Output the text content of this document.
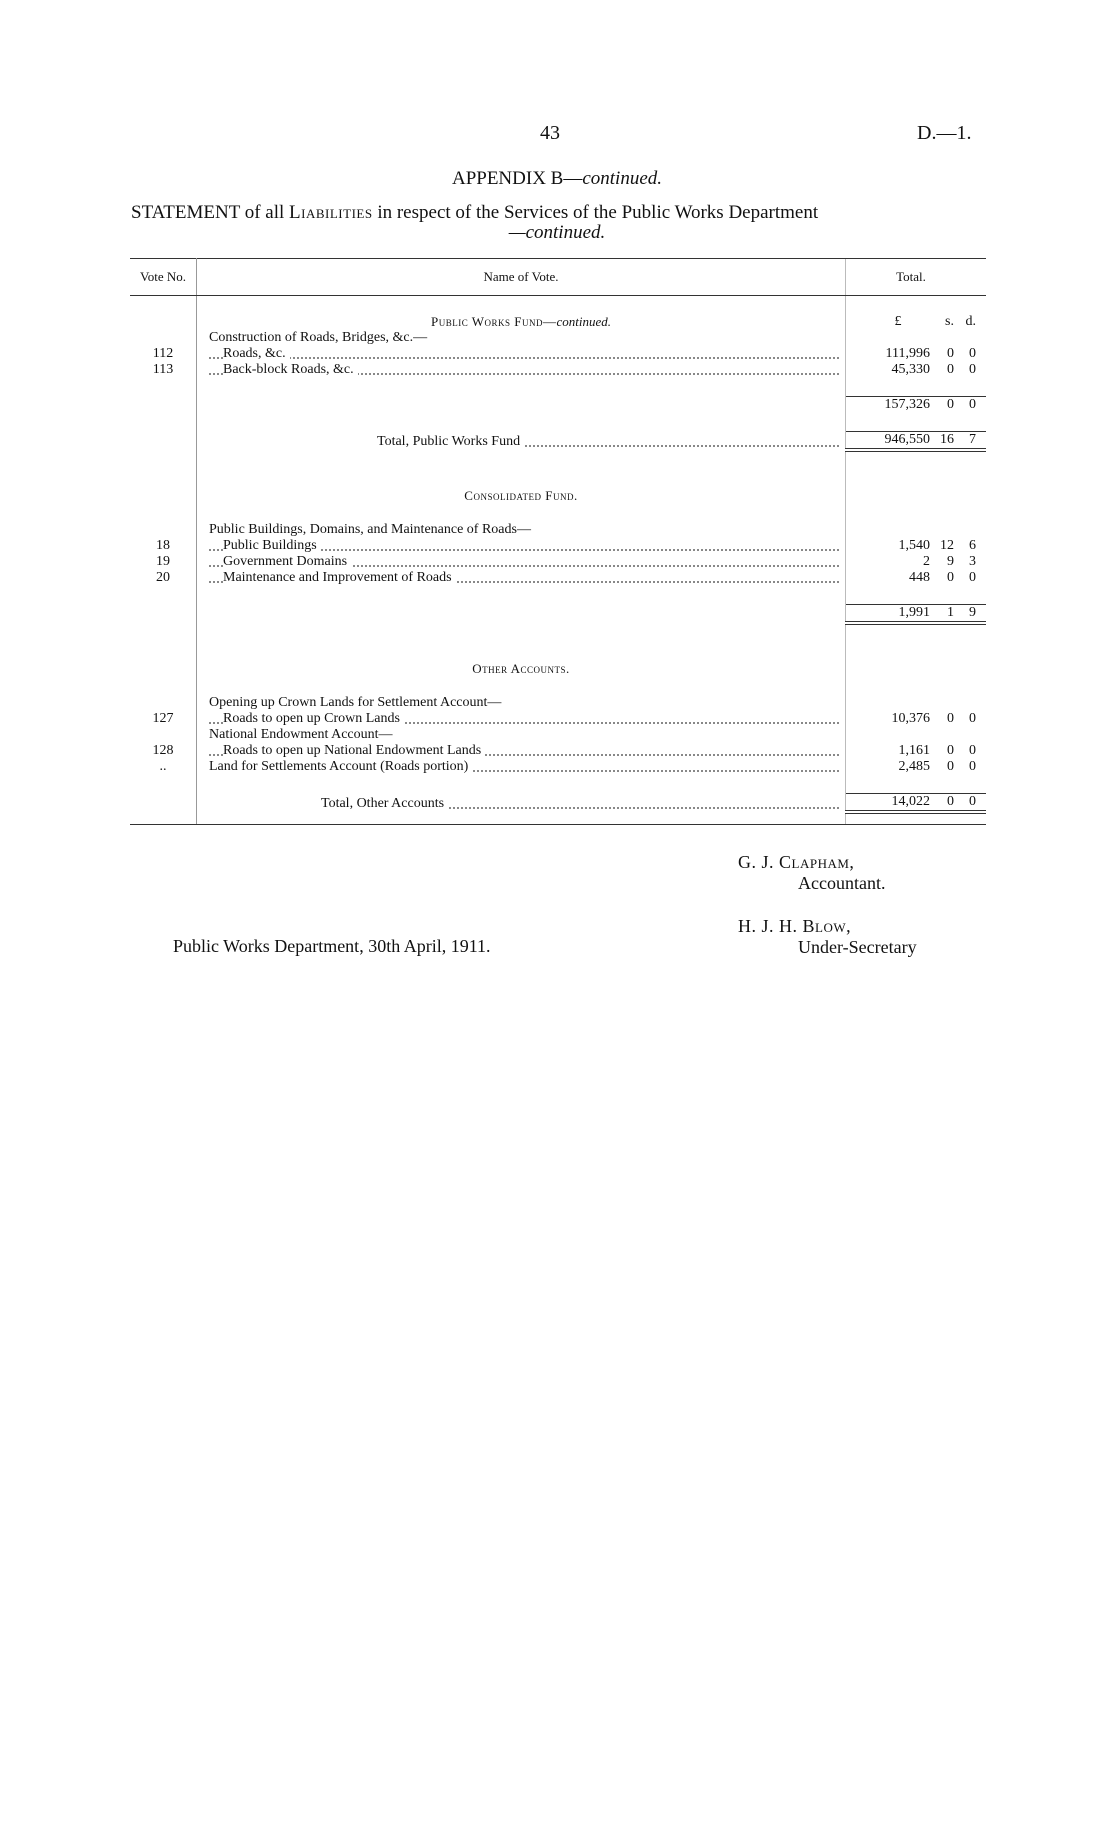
43	D.—1.
APPENDIX B—continued.
STATEMENT of all Liabilities in respect of the Services of the Public Works Department
—continued.
Vote No.	Name of Vote.	Total.

	Public Works Fund—continued.	£ s. d.
	Construction of Roads, Bridges, &c.—	
112	Roads, &c.	111,996 0 0
113	Back-block Roads, &c.	45,330 0 0

		157,326 0 0

Total, Public Works Fund	946,550 16 7

	Consolidated Fund.	

	Public Buildings, Domains, and Maintenance of Roads—	
18	Public Buildings	1,540 12 6
19	Government Domains	2 9 3
20	Maintenance and Improvement of Roads	448 0 0

		1,991 1 9

	Other Accounts.	

	Opening up Crown Lands for Settlement Account—	
127	Roads to open up Crown Lands	10,376 0 0
	National Endowment Account—	
128	Roads to open up National Endowment Lands	1,161 0 0
..	Land for Settlements Account (Roads portion)	2,485 0 0

Total, Other Accounts	14,022 0 0

G. J. Clapham,
Accountant.
H. J. H. Blow,
Under-Secretary
Public Works Department, 30th April, 1911.
